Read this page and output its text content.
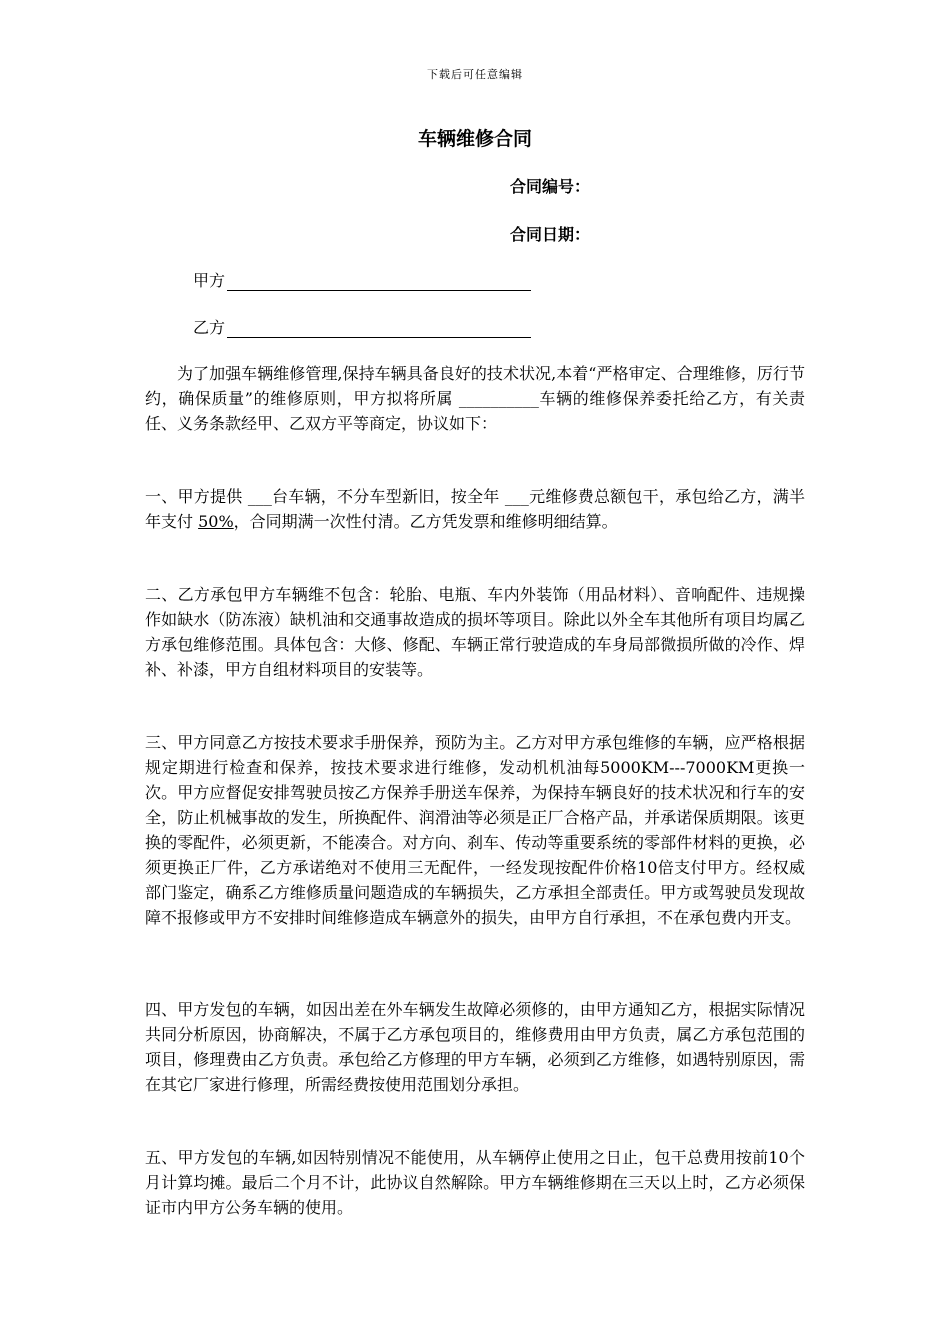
下载后可任意编辑
车辆维修合同
合同编号：
合同日期：
甲方
乙方
为了加强车辆维修管理,保持车辆具备良好的技术状况,本着“严格审定、合理维修，厉行节约，确保质量”的维修原则，甲方拟将所属 __________车辆的维修保养委托给乙方，有关责任、义务条款经甲、乙双方平等商定，协议如下：
一、甲方提供 ___台车辆，不分车型新旧，按全年 ___元维修费总额包干，承包给乙方，满半年支付 50%，合同期满一次性付清。乙方凭发票和维修明细结算。
二、乙方承包甲方车辆维不包含：轮胎、电瓶、车内外装饰（用品材料）、音响配件、违规操作如缺水（防冻液）缺机油和交通事故造成的损坏等项目。除此以外全车其他所有项目均属乙方承包维修范围。具体包含：大修、修配、车辆正常行驶造成的车身局部微损所做的冷作、焊补、补漆，甲方自组材料项目的安装等。
三、甲方同意乙方按技术要求手册保养，预防为主。乙方对甲方承包维修的车辆，应严格根据规定期进行检查和保养，按技术要求进行维修，发动机机油每5000KM---7000KM更换一次。甲方应督促安排驾驶员按乙方保养手册送车保养，为保持车辆良好的技术状况和行车的安全，防止机械事故的发生，所换配件、润滑油等必须是正厂合格产品，并承诺保质期限。该更换的零配件，必须更新，不能凑合。对方向、刹车、传动等重要系统的零部件材料的更换，必须更换正厂件，乙方承诺绝对不使用三无配件，一经发现按配件价格10倍支付甲方。经权威部门鉴定，确系乙方维修质量问题造成的车辆损失，乙方承担全部责任。甲方或驾驶员发现故障不报修或甲方不安排时间维修造成车辆意外的损失，由甲方自行承担，不在承包费内开支。
四、甲方发包的车辆，如因出差在外车辆发生故障必须修的，由甲方通知乙方，根据实际情况共同分析原因，协商解决，不属于乙方承包项目的，维修费用由甲方负责，属乙方承包范围的项目，修理费由乙方负责。承包给乙方修理的甲方车辆，必须到乙方维修，如遇特别原因，需在其它厂家进行修理，所需经费按使用范围划分承担。
五、甲方发包的车辆,如因特别情况不能使用，从车辆停止使用之日止，包干总费用按前10个月计算均摊。最后二个月不计，此协议自然解除。甲方车辆维修期在三天以上时，乙方必须保证市内甲方公务车辆的使用。
